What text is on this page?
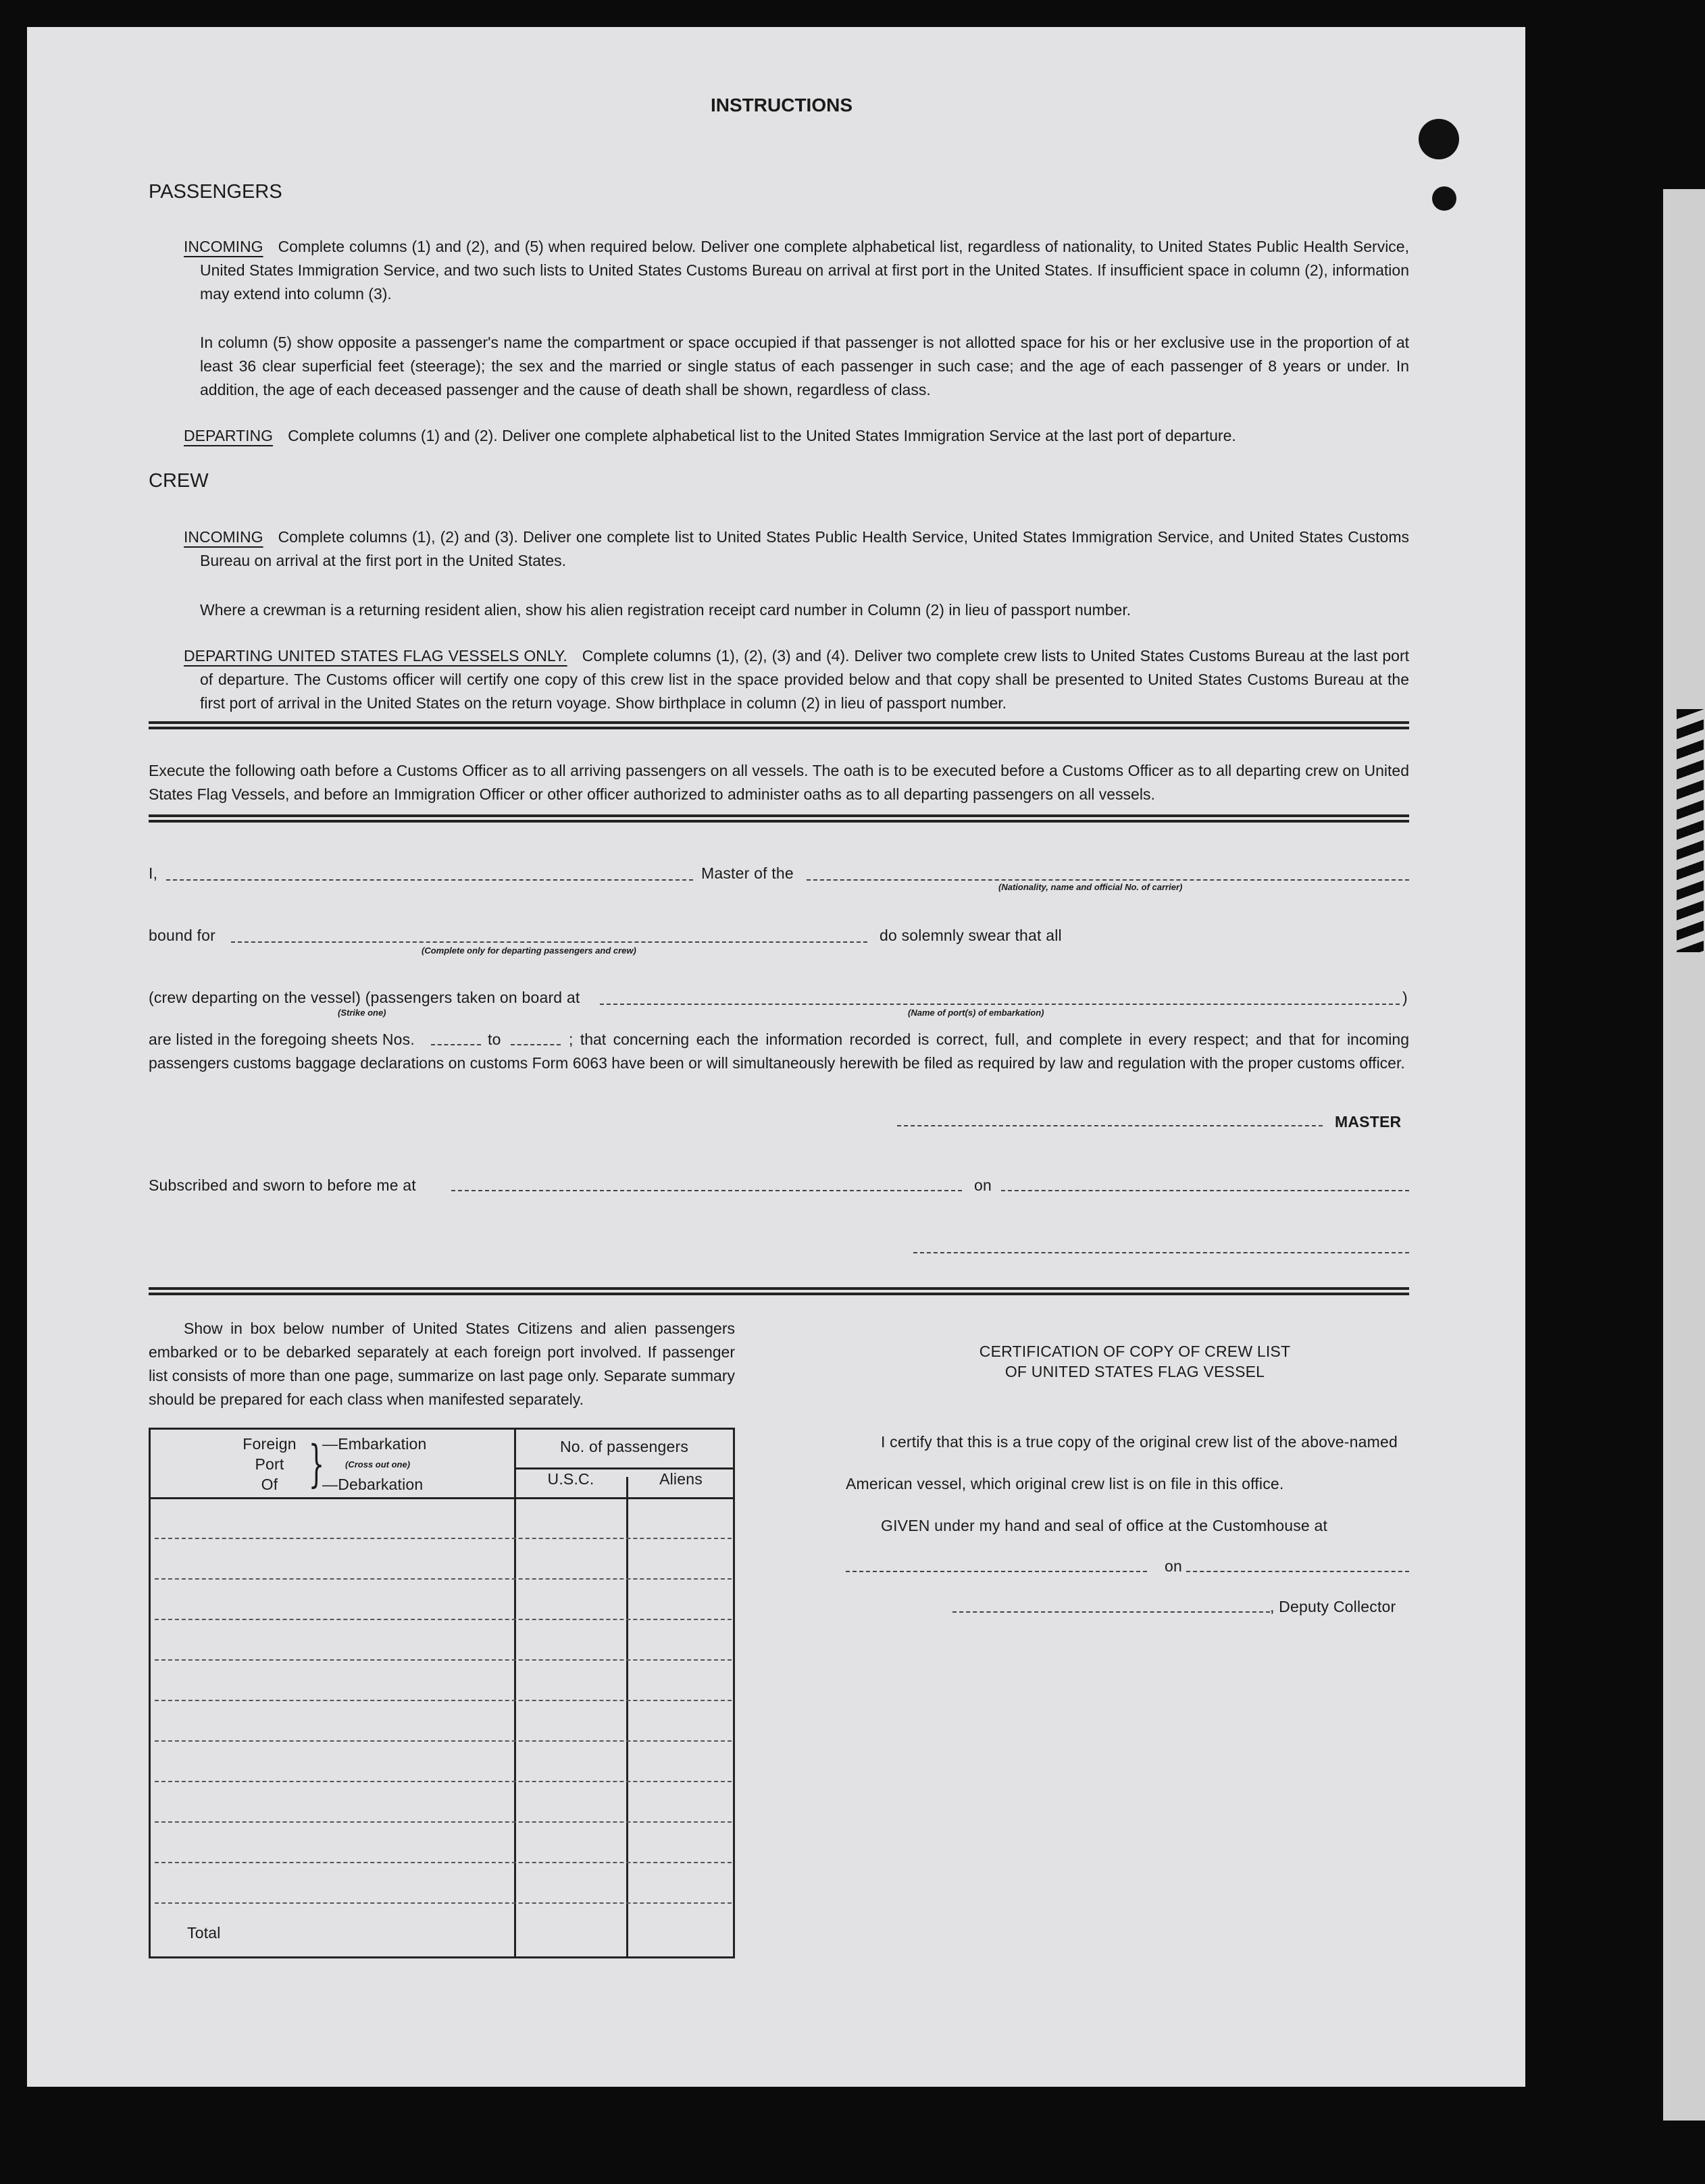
INSTRUCTIONS
PASSENGERS
INCOMING Complete columns (1) and (2), and (5) when required below. Deliver one complete alphabetical list, regardless of nationality, to United States Public Health Service, United States Immigration Service, and two such lists to United States Customs Bureau on arrival at first port in the United States. If insufficient space in column (2), information may extend into column (3).
In column (5) show opposite a passenger's name the compartment or space occupied if that passenger is not allotted space for his or her exclusive use in the proportion of at least 36 clear superficial feet (steerage); the sex and the married or single status of each passenger in such case; and the age of each passenger of 8 years or under. In addition, the age of each deceased passenger and the cause of death shall be shown, regardless of class.
DEPARTING Complete columns (1) and (2). Deliver one complete alphabetical list to the United States Immigration Service at the last port of departure.
CREW
INCOMING Complete columns (1), (2) and (3). Deliver one complete list to United States Public Health Service, United States Immigration Service, and United States Customs Bureau on arrival at the first port in the United States.
Where a crewman is a returning resident alien, show his alien registration receipt card number in Column (2) in lieu of passport number.
DEPARTING UNITED STATES FLAG VESSELS ONLY. Complete columns (1), (2), (3) and (4). Deliver two complete crew lists to United States Customs Bureau at the last port of departure. The Customs officer will certify one copy of this crew list in the space provided below and that copy shall be presented to United States Customs Bureau at the first port of arrival in the United States on the return voyage. Show birthplace in column (2) in lieu of passport number.
Execute the following oath before a Customs Officer as to all arriving passengers on all vessels. The oath is to be executed before a Customs Officer as to all departing crew on United States Flag Vessels, and before an Immigration Officer or other officer authorized to administer oaths as to all departing passengers on all vessels.
I,	Master of the
(Nationality, name and official No. of carrier)
bound for
(Complete only for departing passengers and crew)
do solemnly swear that all
(crew departing on the vessel) (passengers taken on board at	)
(Strike one)	(Name of port(s) of embarkation)
are listed in the foregoing sheets Nos.	to	; that concerning each the information recorded is correct, full, and complete in every respect; and that for incoming passengers customs baggage declarations on customs Form 6063 have been or will simultaneously herewith be filed as required by law and regulation with the proper customs officer.
MASTER
Subscribed and sworn to before me at	on
Show in box below number of United States Citizens and alien passengers embarked or to be debarked separately at each foreign port involved. If passenger list consists of more than one page, summarize on last page only. Separate summary should be prepared for each class when manifested separately.
Foreign
Port
Of }
—Embarkation
(Cross out one)
—Debarkation
No. of passengers
U.S.C.	Aliens
Total
CERTIFICATION OF COPY OF CREW LIST
OF UNITED STATES FLAG VESSEL
I certify that this is a true copy of the original crew list of the above-named
American vessel, which original crew list is on file in this office.
GIVEN under my hand and seal of office at the Customhouse at
on
, Deputy Collector
